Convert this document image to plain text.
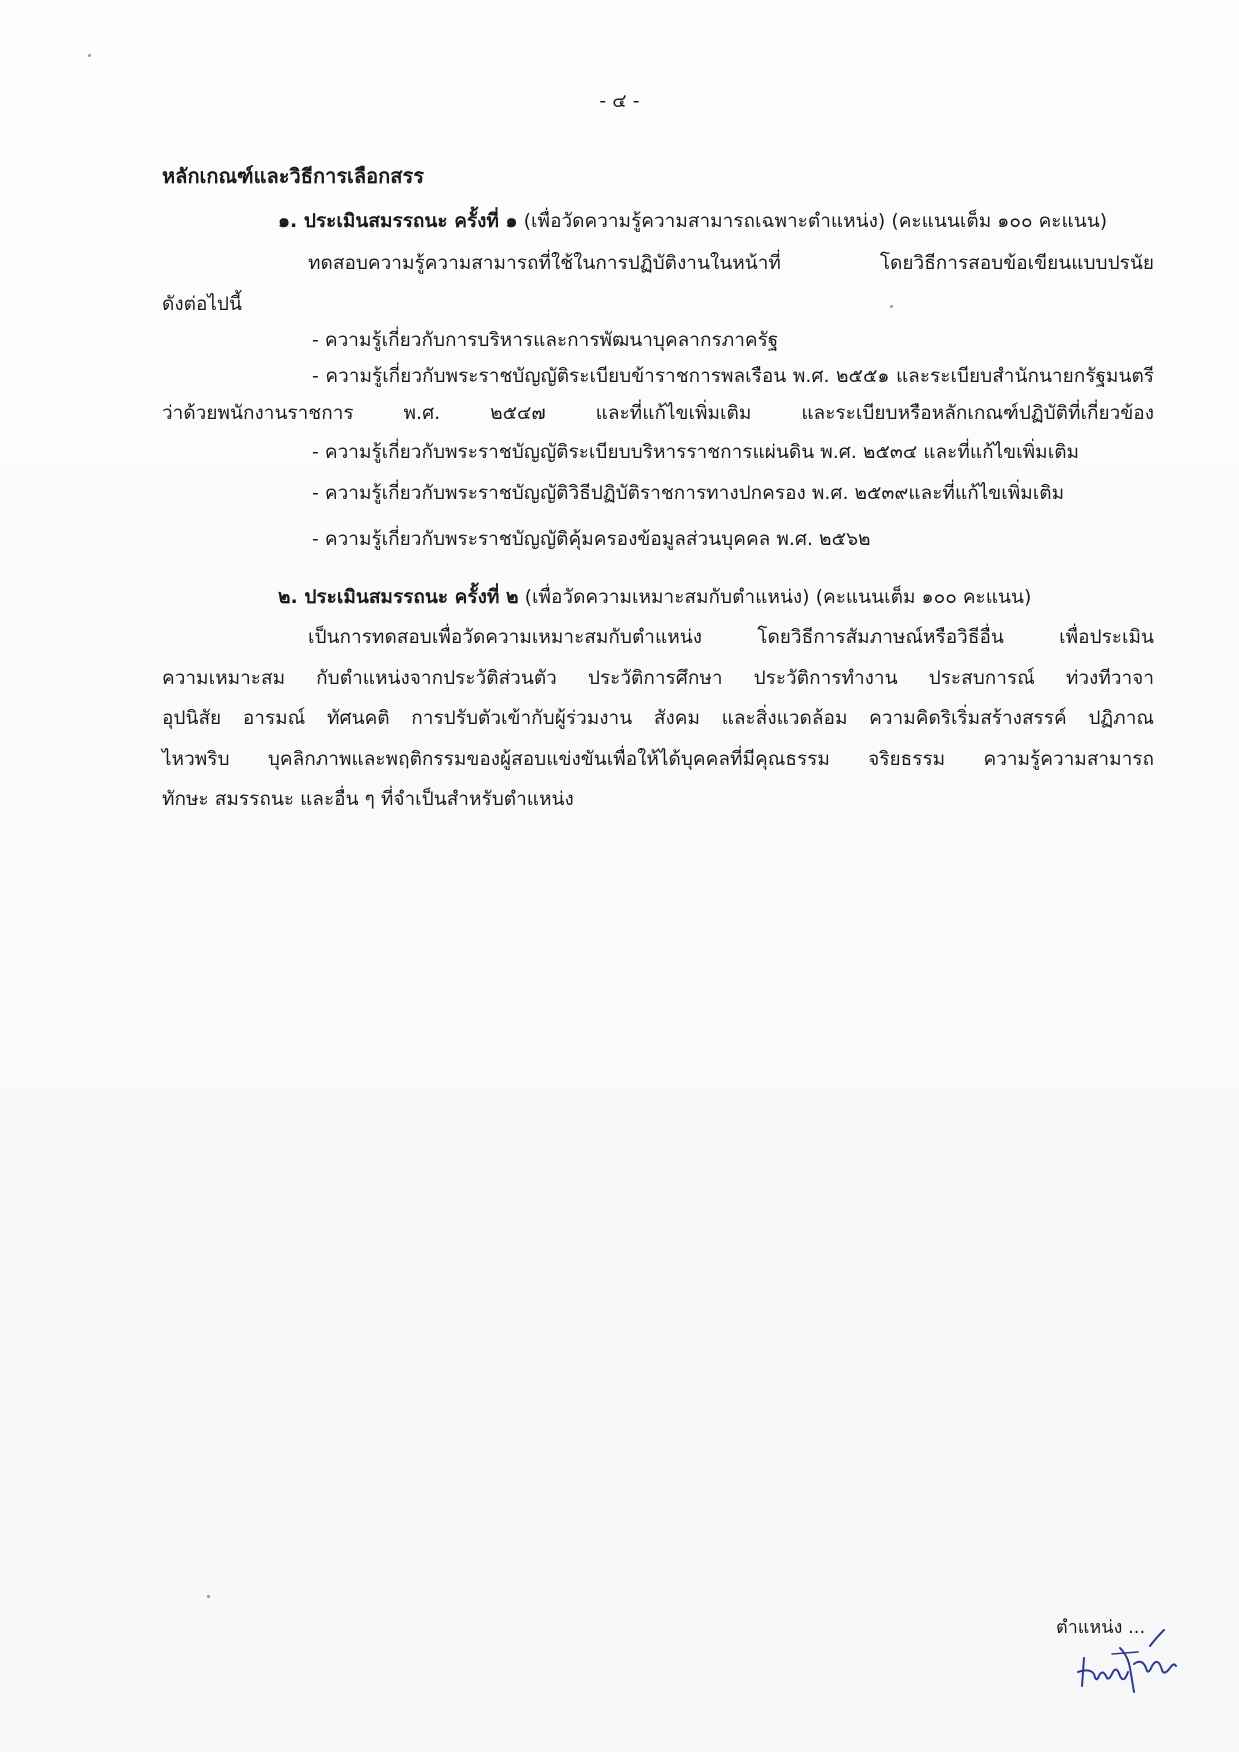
- ๔ -
หลักเกณฑ์และวิธีการเลือกสรร
๑. ประเมินสมรรถนะ ครั้งที่ ๑ (เพื่อวัดความรู้ความสามารถเฉพาะตำแหน่ง) (คะแนนเต็ม ๑๐๐ คะแนน)
ทดสอบความรู้ความสามารถที่ใช้ในการปฏิบัติงานในหน้าที่ โดยวิธีการสอบข้อเขียนแบบปรนัย
ดังต่อไปนี้
- ความรู้เกี่ยวกับการบริหารและการพัฒนาบุคลากรภาครัฐ
- ความรู้เกี่ยวกับพระราชบัญญัติระเบียบข้าราชการพลเรือน พ.ศ. ๒๕๕๑ และระเบียบสำนักนายกรัฐมนตรี
ว่าด้วยพนักงานราชการ พ.ศ. ๒๕๔๗ และที่แก้ไขเพิ่มเติม และระเบียบหรือหลักเกณฑ์ปฏิบัติที่เกี่ยวข้อง
- ความรู้เกี่ยวกับพระราชบัญญัติระเบียบบริหารราชการแผ่นดิน พ.ศ. ๒๕๓๔ และที่แก้ไขเพิ่มเติม
- ความรู้เกี่ยวกับพระราชบัญญัติวิธีปฏิบัติราชการทางปกครอง พ.ศ. ๒๕๓๙และที่แก้ไขเพิ่มเติม
- ความรู้เกี่ยวกับพระราชบัญญัติคุ้มครองข้อมูลส่วนบุคคล พ.ศ. ๒๕๖๒
๒. ประเมินสมรรถนะ ครั้งที่ ๒ (เพื่อวัดความเหมาะสมกับตำแหน่ง) (คะแนนเต็ม ๑๐๐ คะแนน)
เป็นการทดสอบเพื่อวัดความเหมาะสมกับตำแหน่ง โดยวิธีการสัมภาษณ์หรือวิธีอื่น เพื่อประเมิน
ความเหมาะสม กับตำแหน่งจากประวัติส่วนตัว ประวัติการศึกษา ประวัติการทำงาน ประสบการณ์ ท่วงทีวาจา
อุปนิสัย อารมณ์ ทัศนคติ การปรับตัวเข้ากับผู้ร่วมงาน สังคม และสิ่งแวดล้อม ความคิดริเริ่มสร้างสรรค์ ปฏิภาณ
ไหวพริบ บุคลิกภาพและพฤติกรรมของผู้สอบแข่งขันเพื่อให้ได้บุคคลที่มีคุณธรรม จริยธรรม ความรู้ความสามารถ
ทักษะ สมรรถนะ และอื่น ๆ ที่จำเป็นสำหรับตำแหน่ง
ตำแหน่ง ...
